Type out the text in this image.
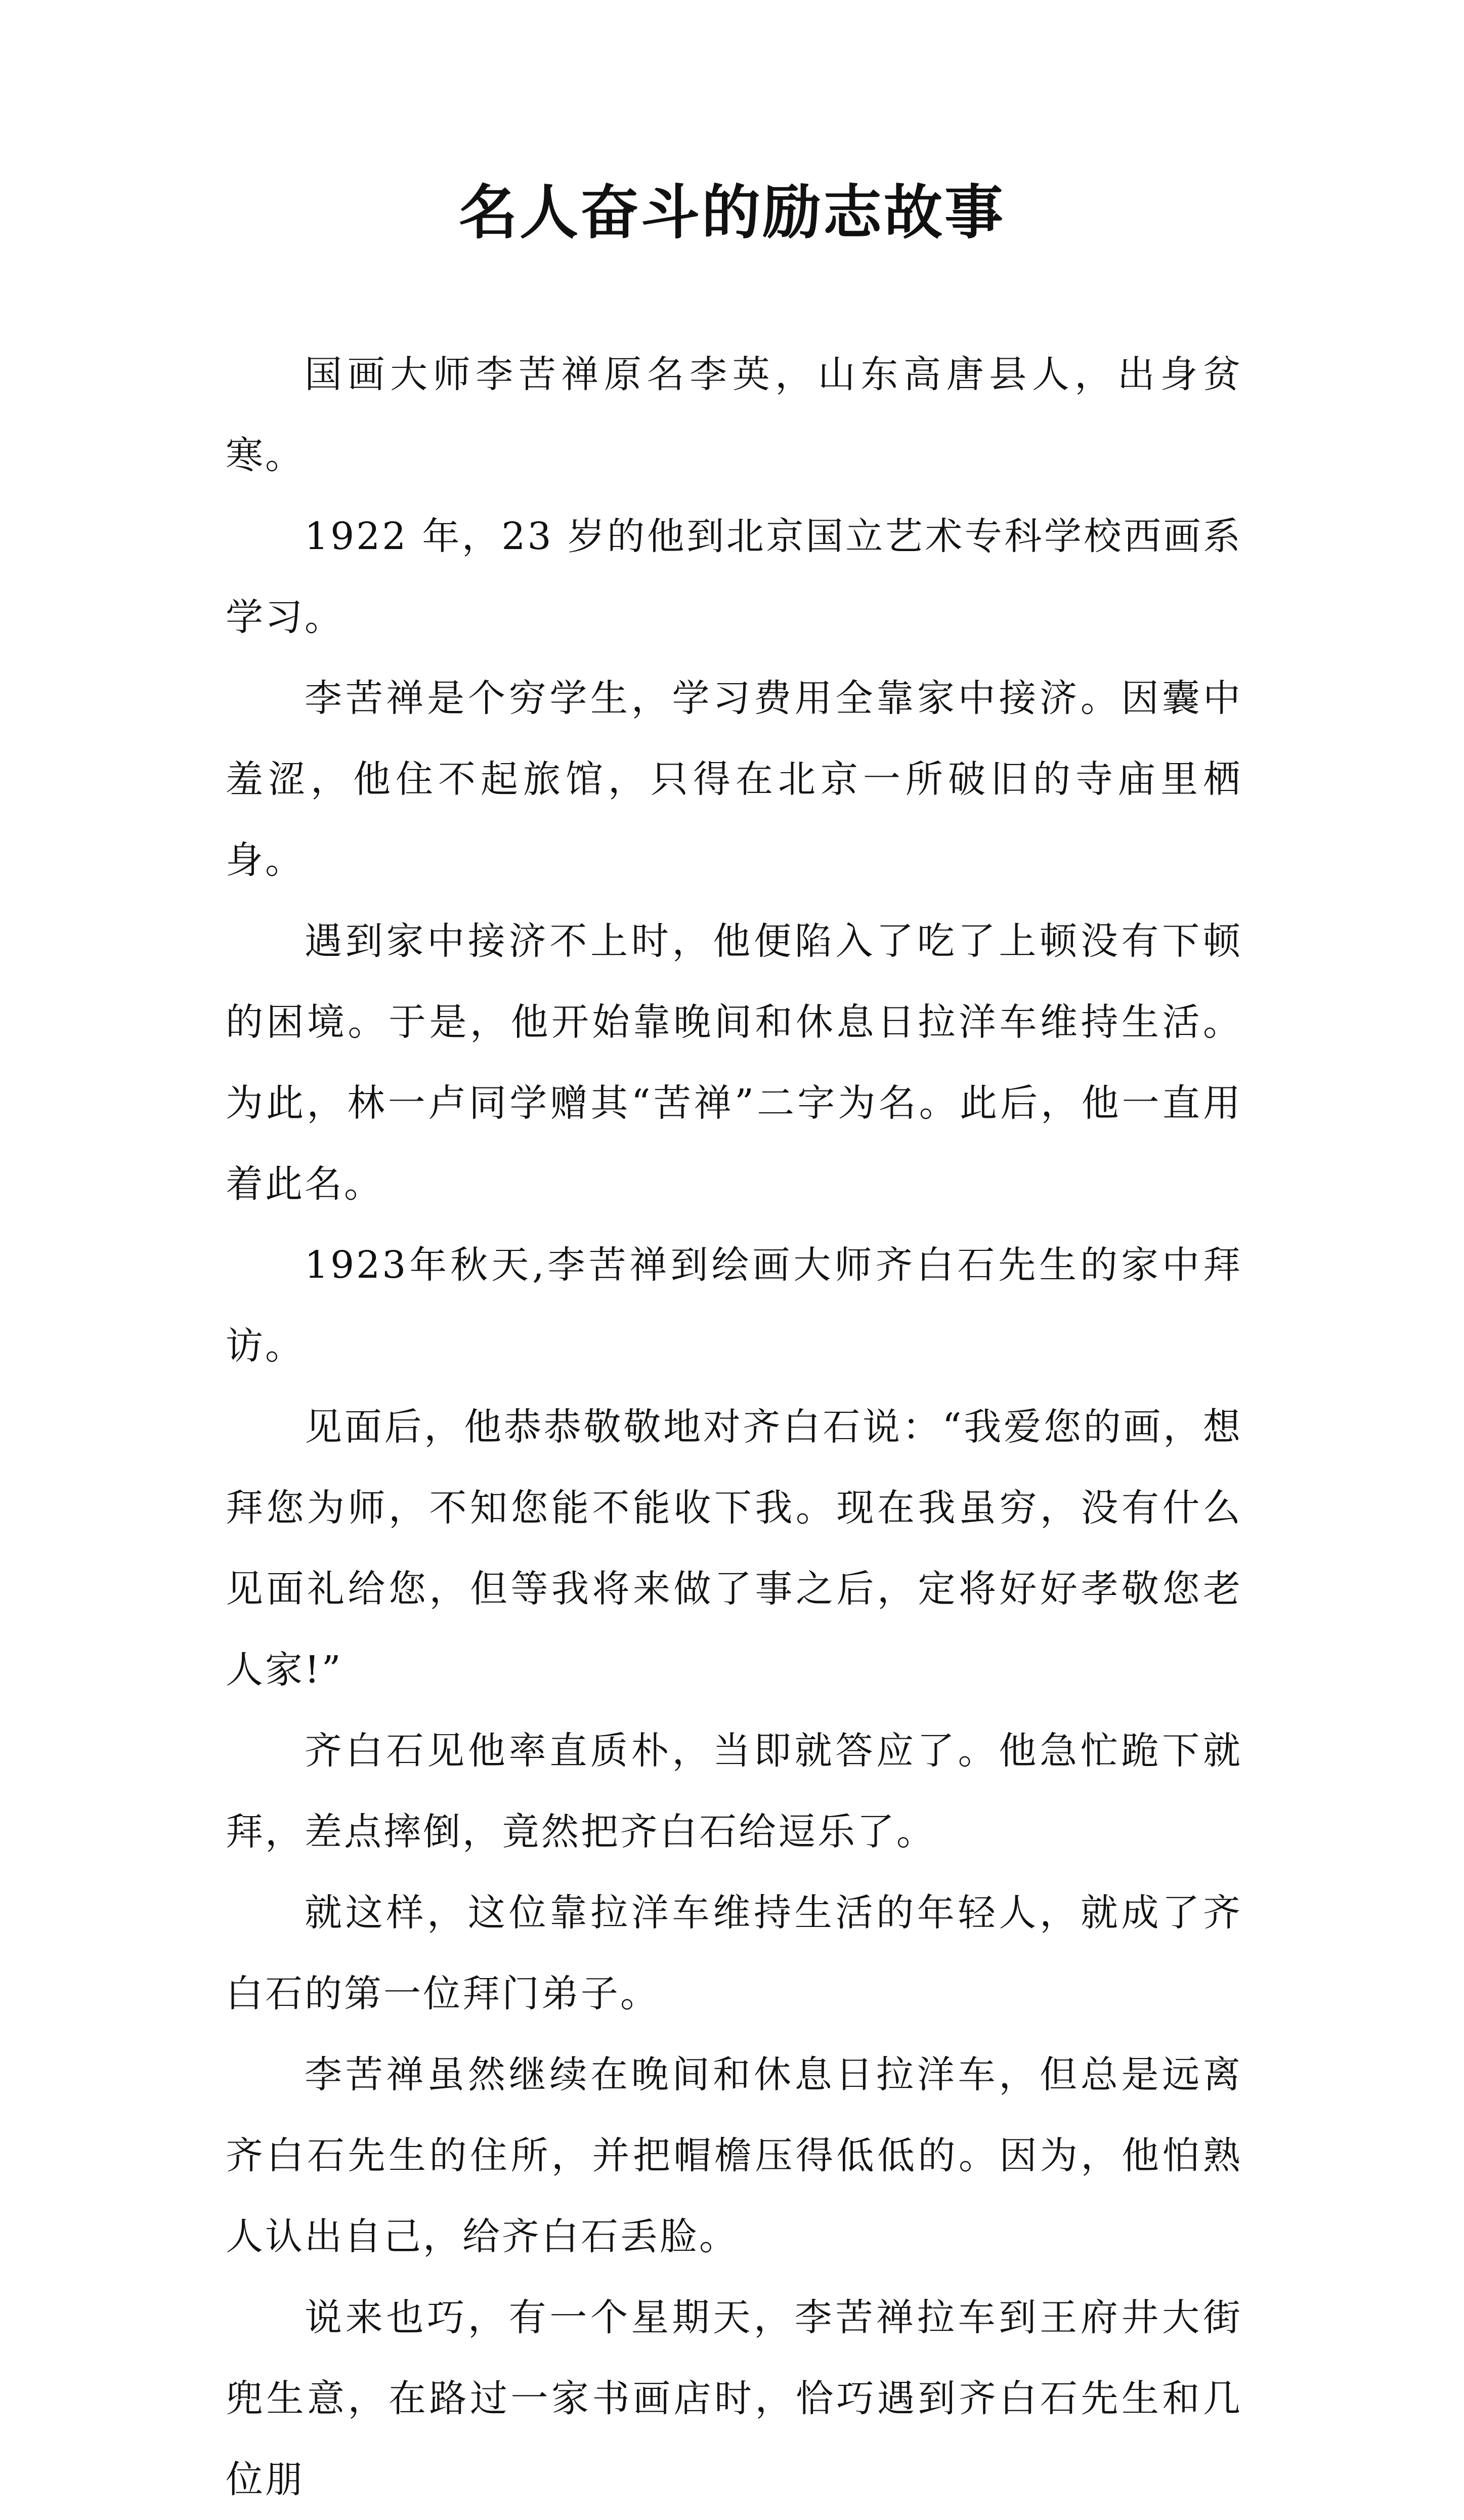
名人奋斗的励志故事

国画大师李苦禅原名李英，山东高唐县人，出身贫寒。

1922 年，23 岁的他到北京国立艺术专科学校西画系学习。

李苦禅是个穷学生，学习费用全靠家中接济。因囊中羞涩，他住不起旅馆，只得在北京一所破旧的寺庙里栖身。

遇到家中接济不上时，他便陷入了吃了上顿没有下顿的困境。于是，他开始靠晚间和休息日拉洋车维持生活。为此，林一卢同学赠其“苦禅”二字为名。此后，他一直用着此名。

1923年秋天,李苦禅到绘画大师齐白石先生的家中拜访。

见面后，他恭恭敬敬地对齐白石说：“我爱您的画，想拜您为师，不知您能不能收下我。现在我虽穷，没有什么见面礼给您，但等我将来做了事之后，定将好好孝敬您老人家!”

齐白石见他率直质朴，当即就答应了。他急忙跪下就拜，差点摔倒，竟然把齐白石给逗乐了。

就这样，这位靠拉洋车维持生活的年轻人，就成了齐白石的第一位拜门弟子。

李苦禅虽然继续在晚间和休息日拉洋车，但总是远离齐白石先生的住所，并把帽檐压得低低的。因为，他怕熟人认出自己，给齐白石丢脸。

说来也巧，有一个星期天，李苦禅拉车到王府井大街兜生意，在路过一家书画店时，恰巧遇到齐白石先生和几位朋
